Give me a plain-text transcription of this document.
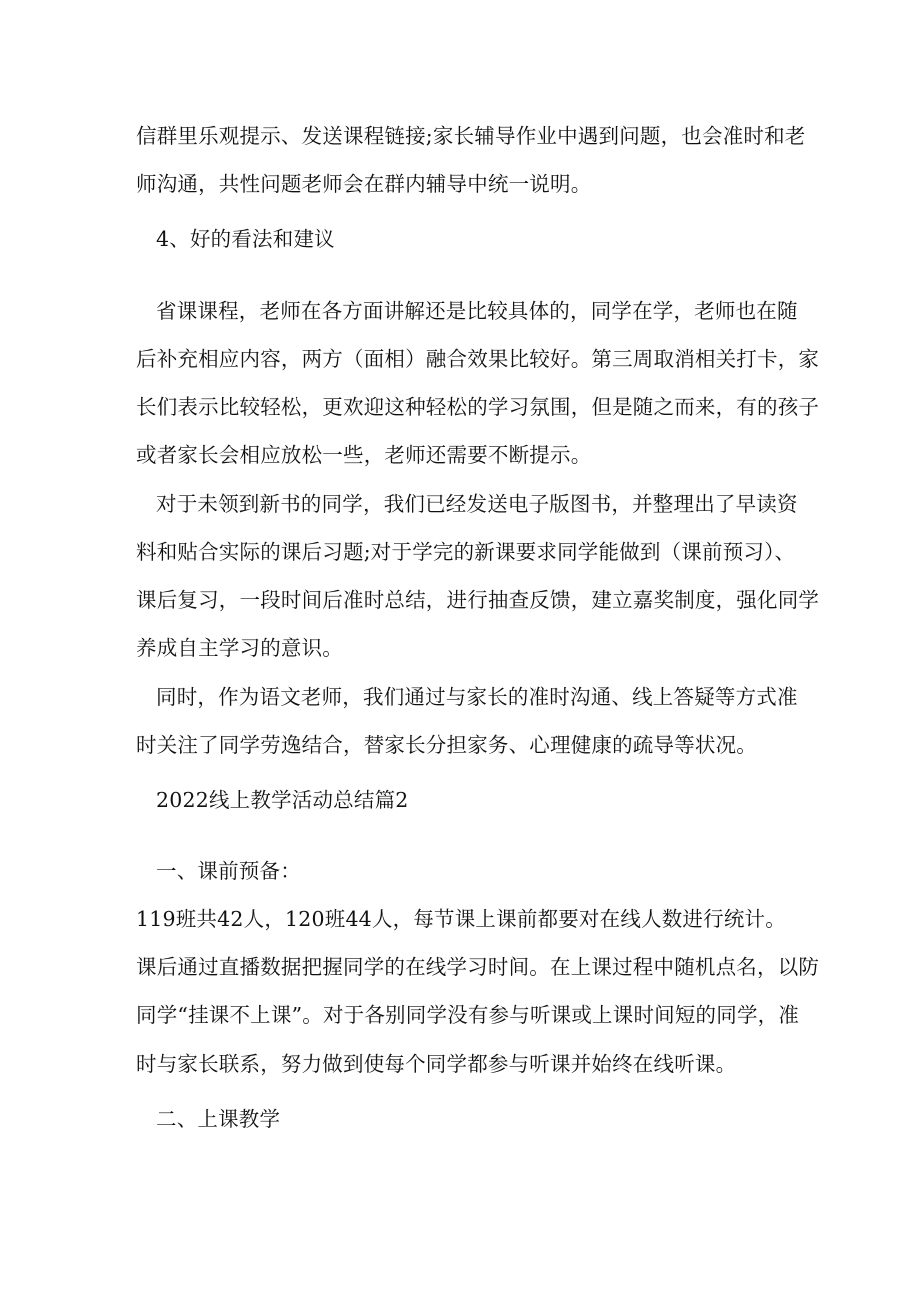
信群里乐观提示、发送课程链接;家长辅导作业中遇到问题，也会准时和老
师沟通，共性问题老师会在群内辅导中统一说明。
4、好的看法和建议
省课课程，老师在各方面讲解还是比较具体的，同学在学，老师也在随
后补充相应内容，两方（面相）融合效果比较好。第三周取消相关打卡，家
长们表示比较轻松，更欢迎这种轻松的学习氛围，但是随之而来，有的孩子
或者家长会相应放松一些，老师还需要不断提示。
对于未领到新书的同学，我们已经发送电子版图书，并整理出了早读资
料和贴合实际的课后习题;对于学完的新课要求同学能做到（课前预习）、
课后复习，一段时间后准时总结，进行抽查反馈，建立嘉奖制度，强化同学
养成自主学习的意识。
同时，作为语文老师，我们通过与家长的准时沟通、线上答疑等方式准
时关注了同学劳逸结合，替家长分担家务、心理健康的疏导等状况。
2022线上教学活动总结篇2
一、课前预备：
119班共42人，120班44人，每节课上课前都要对在线人数进行统计。
课后通过直播数据把握同学的在线学习时间。在上课过程中随机点名，以防
同学“挂课不上课”。对于各别同学没有参与听课或上课时间短的同学，准
时与家长联系，努力做到使每个同学都参与听课并始终在线听课。
二、上课教学
